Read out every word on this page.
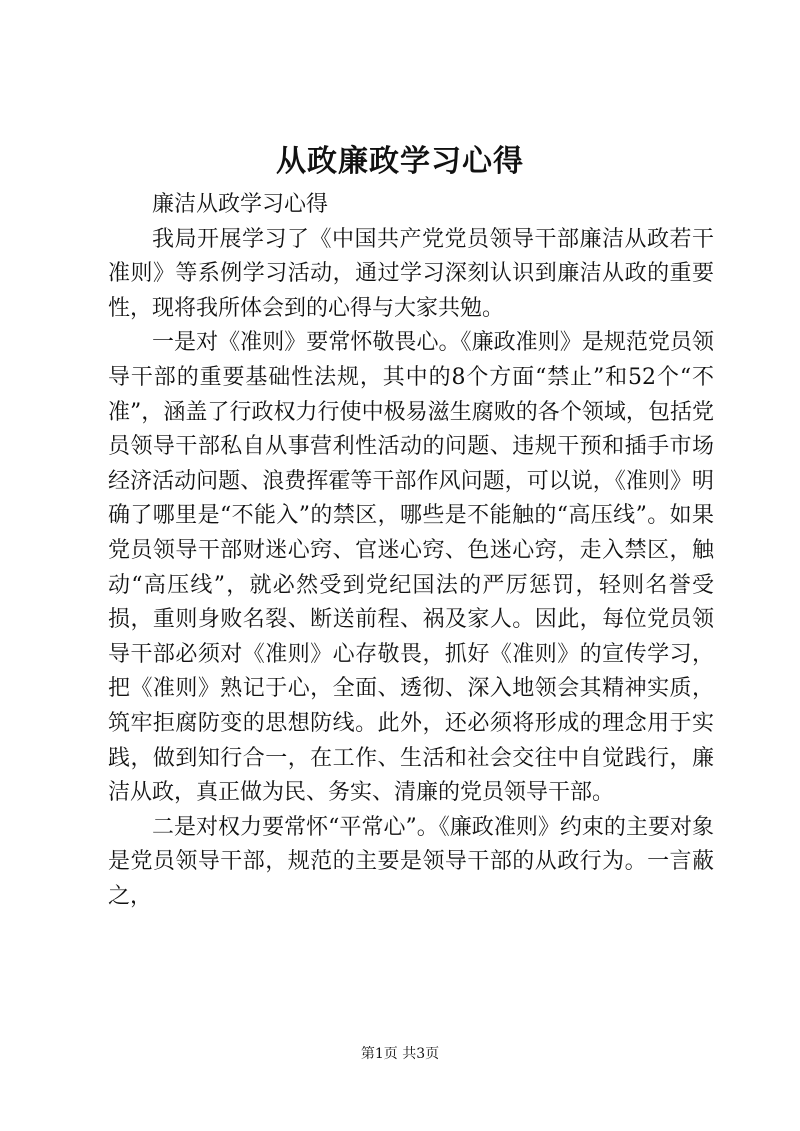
从政廉政学习心得

廉洁从政学习心得

我局开展学习了《中国共产党党员领导干部廉洁从政若干准则》等系例学习活动，通过学习深刻认识到廉洁从政的重要性，现将我所体会到的心得与大家共勉。

一是对《准则》要常怀敬畏心。《廉政准则》是规范党员领导干部的重要基础性法规，其中的8个方面“禁止”和52个“不准”，涵盖了行政权力行使中极易滋生腐败的各个领域，包括党员领导干部私自从事营利性活动的问题、违规干预和插手市场经济活动问题、浪费挥霍等干部作风问题，可以说，《准则》明确了哪里是“不能入”的禁区，哪些是不能触的“高压线”。如果党员领导干部财迷心窍、官迷心窍、色迷心窍，走入禁区，触动“高压线”，就必然受到党纪国法的严厉惩罚，轻则名誉受损，重则身败名裂、断送前程、祸及家人。因此，每位党员领导干部必须对《准则》心存敬畏，抓好《准则》的宣传学习，把《准则》熟记于心，全面、透彻、深入地领会其精神实质，筑牢拒腐防变的思想防线。此外，还必须将形成的理念用于实践，做到知行合一，在工作、生活和社会交往中自觉践行，廉洁从政，真正做为民、务实、清廉的党员领导干部。

二是对权力要常怀“平常心”。《廉政准则》约束的主要对象是党员领导干部，规范的主要是领导干部的从政行为。一言蔽之，

第1页 共3页
